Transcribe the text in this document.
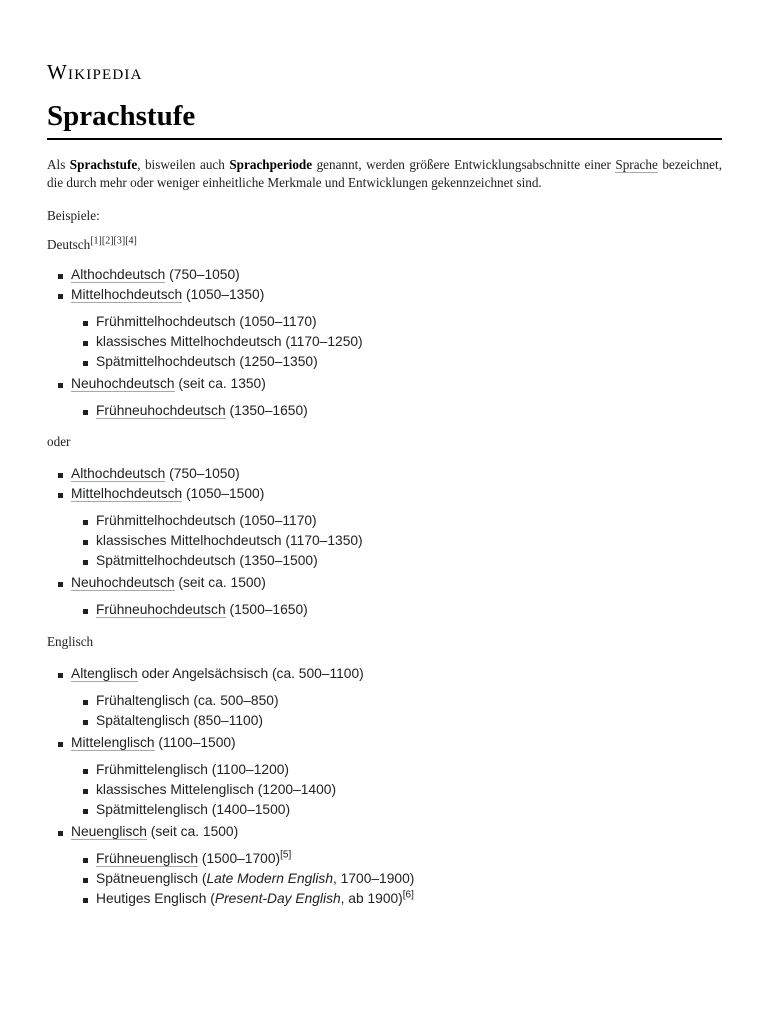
Wikipedia
Sprachstufe

Als Sprachstufe, bisweilen auch Sprachperiode genannt, werden größere Entwicklungsabschnitte einer Sprache bezeichnet, die durch mehr oder weniger einheitliche Merkmale und Entwicklungen gekennzeichnet sind.

Beispiele:

Deutsch[1][2][3][4]

Althochdeutsch (750–1050)
Mittelhochdeutsch (1050–1350)
Frühmittelhochdeutsch (1050–1170)
klassisches Mittelhochdeutsch (1170–1250)
Spätmittelhochdeutsch (1250–1350)
Neuhochdeutsch (seit ca. 1350)
Frühneuhochdeutsch (1350–1650)

oder

Althochdeutsch (750–1050)
Mittelhochdeutsch (1050–1500)
Frühmittelhochdeutsch (1050–1170)
klassisches Mittelhochdeutsch (1170–1350)
Spätmittelhochdeutsch (1350–1500)
Neuhochdeutsch (seit ca. 1500)
Frühneuhochdeutsch (1500–1650)

Englisch

Altenglisch oder Angelsächsisch (ca. 500–1100)
Frühaltenglisch (ca. 500–850)
Spätaltenglisch (850–1100)
Mittelenglisch (1100–1500)
Frühmittelenglisch (1100–1200)
klassisches Mittelenglisch (1200–1400)
Spätmittelenglisch (1400–1500)
Neuenglisch (seit ca. 1500)
Frühneuenglisch (1500–1700)[5]
Spätneuenglisch (Late Modern English, 1700–1900)
Heutiges Englisch (Present-Day English, ab 1900)[6]
